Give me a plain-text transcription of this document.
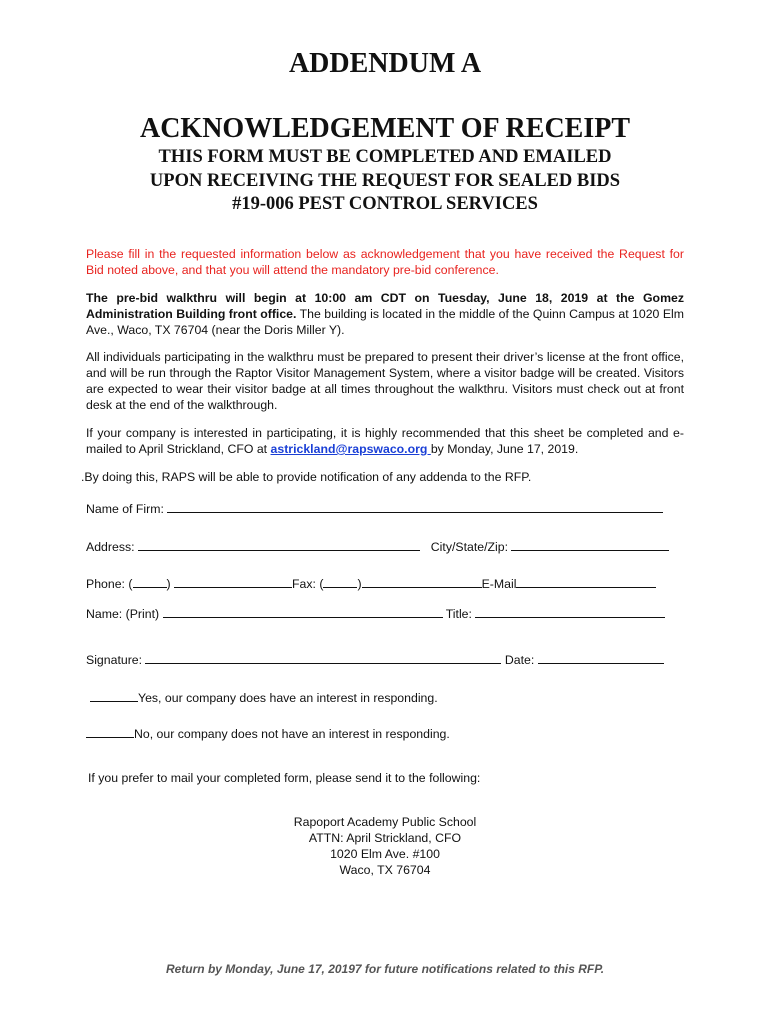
ADDENDUM A
ACKNOWLEDGEMENT OF RECEIPT
THIS FORM MUST BE COMPLETED AND EMAILED
UPON RECEIVING THE REQUEST FOR SEALED BIDS
#19-006 PEST CONTROL SERVICES
Please fill in the requested information below as acknowledgement that you have received the Request for Bid noted above, and that you will attend the mandatory pre-bid conference.
The pre-bid walkthru will begin at 10:00 am CDT on Tuesday, June 18, 2019 at the Gomez Administration Building front office. The building is located in the middle of the Quinn Campus at 1020 Elm Ave., Waco, TX 76704 (near the Doris Miller Y).
All individuals participating in the walkthru must be prepared to present their driver’s license at the front office, and will be run through the Raptor Visitor Management System, where a visitor badge will be created. Visitors are expected to wear their visitor badge at all times throughout the walkthru. Visitors must check out at front desk at the end of the walkthrough.
If your company is interested in participating, it is highly recommended that this sheet be completed and e-mailed to April Strickland, CFO at astrickland@rapswaco.org by Monday, June 17, 2019.
.By doing this, RAPS will be able to provide notification of any addenda to the RFP.
Name of Firm:
Address:	City/State/Zip:
Phone: (	)	Fax: (	)	E-Mail
Name: (Print)	Title:
Signature:	Date:
Yes, our company does have an interest in responding.
No, our company does not have an interest in responding.
If you prefer to mail your completed form, please send it to the following:
Rapoport Academy Public School
ATTN: April Strickland, CFO
1020 Elm Ave. #100
Waco, TX 76704
Return by Monday, June 17, 20197 for future notifications related to this RFP.
